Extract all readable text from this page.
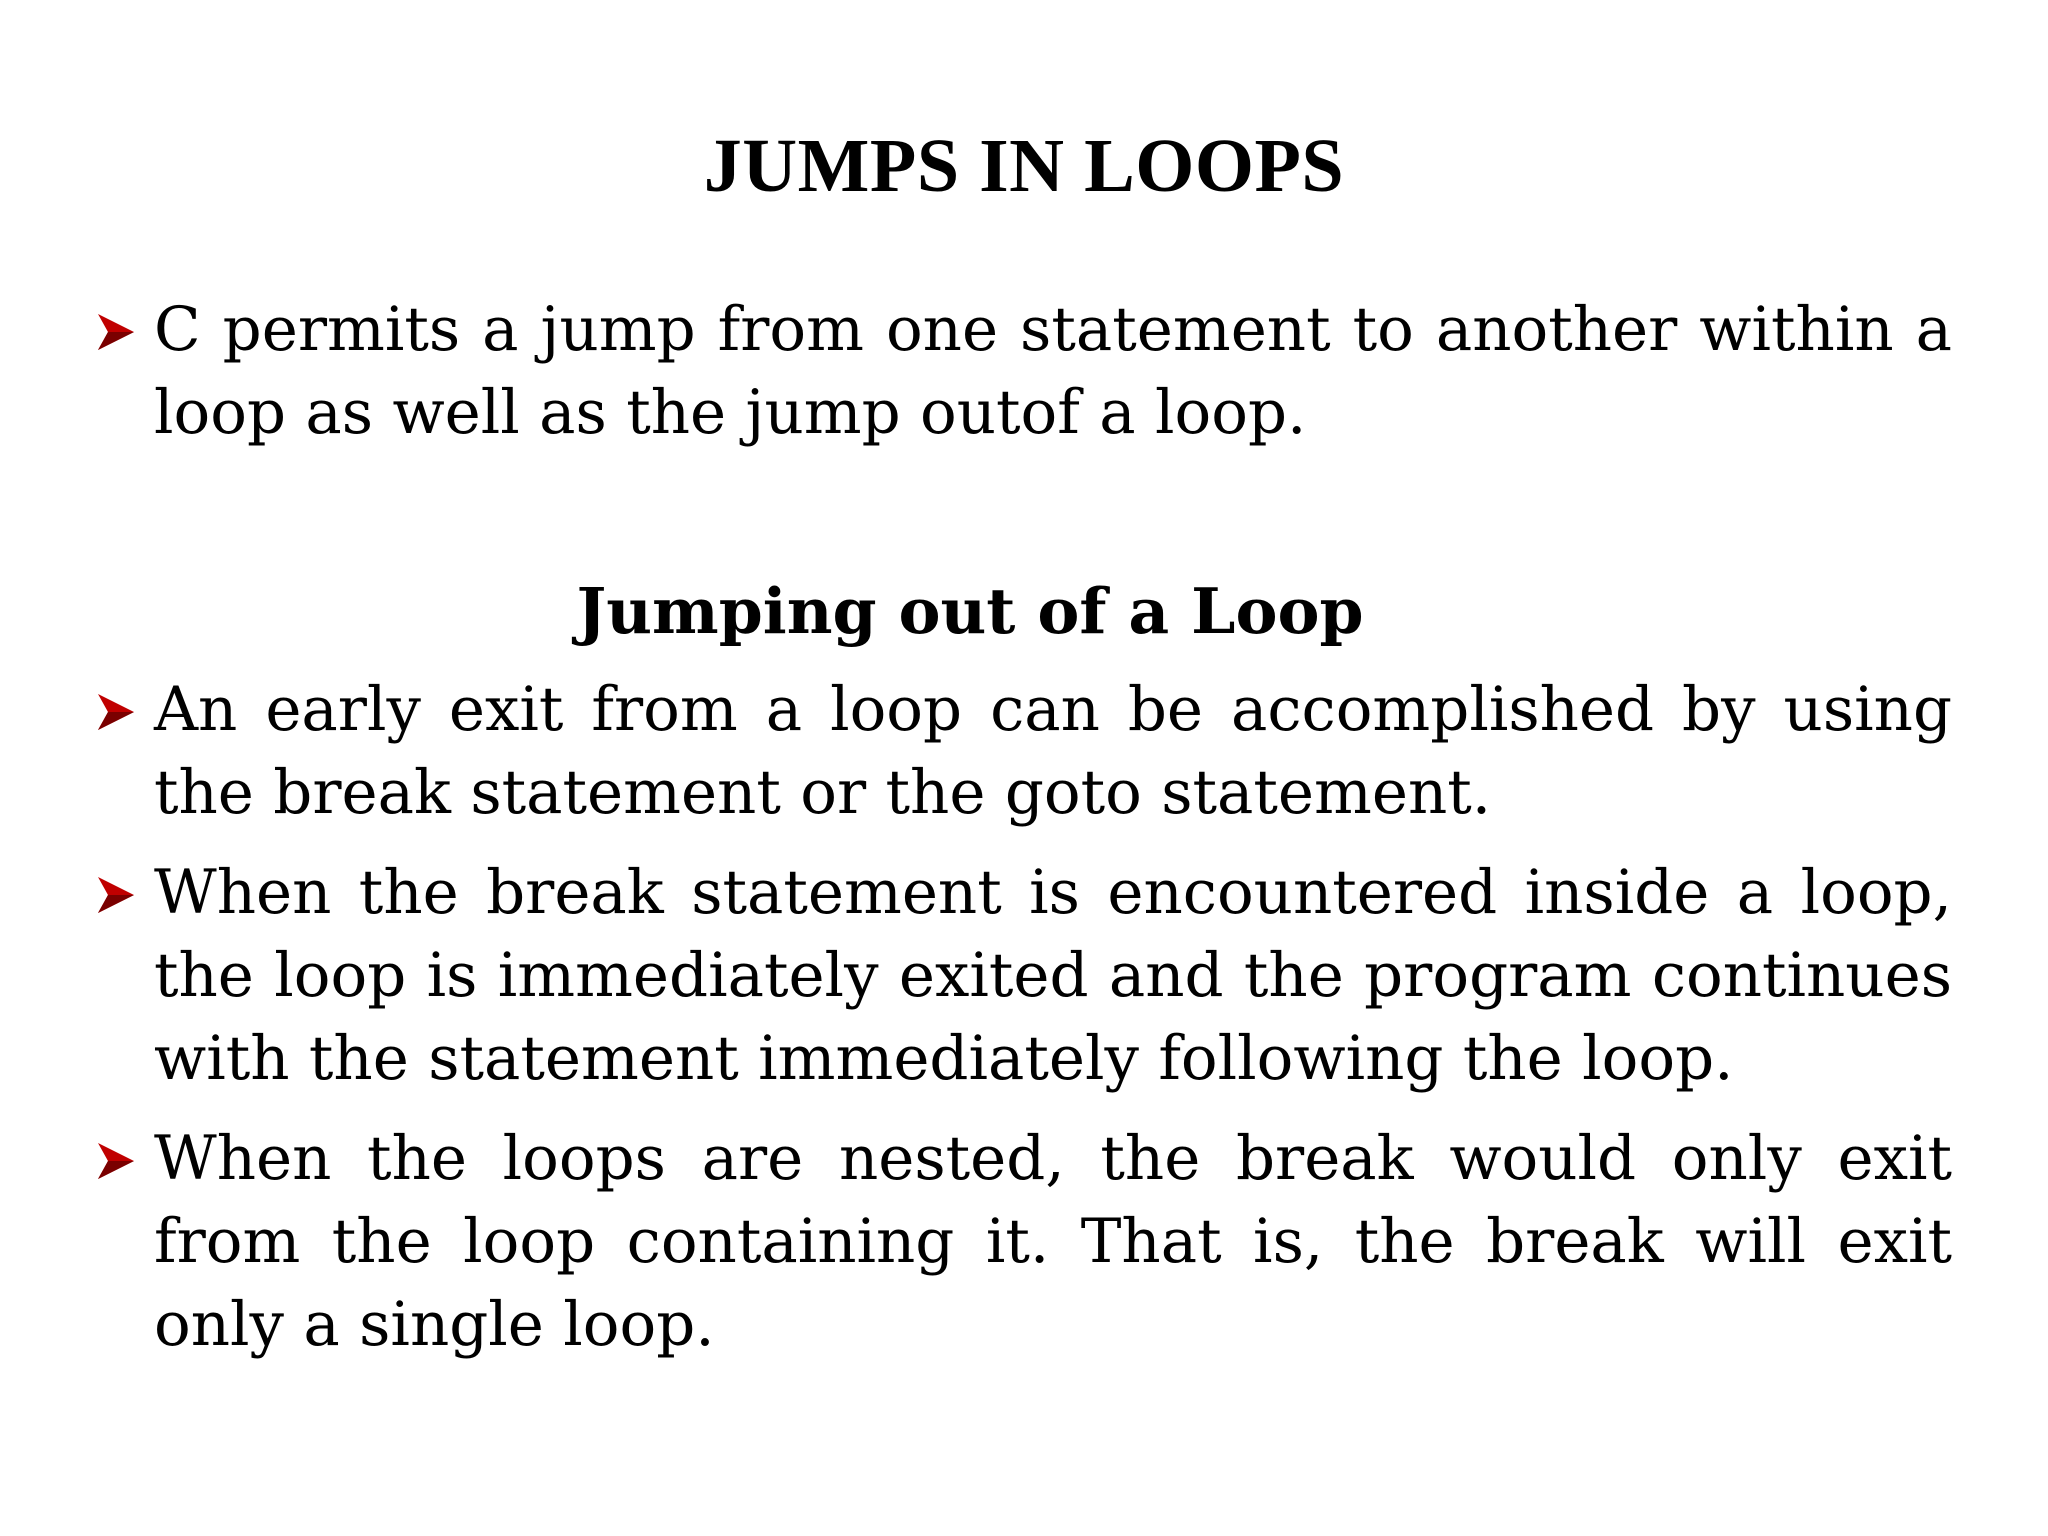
JUMPS IN LOOPS
C permits a jump from one statement to another within a loop as well as the jump outof a loop.
Jumping out of a Loop
An early exit from a loop can be accomplished by using the break statement or the goto statement.
When the break statement is encountered inside a loop, the loop is immediately exited and the program continues with the statement immediately following the loop.
When the loops are nested, the break would only exit from the loop containing it. That is, the break will exit only a single loop.
